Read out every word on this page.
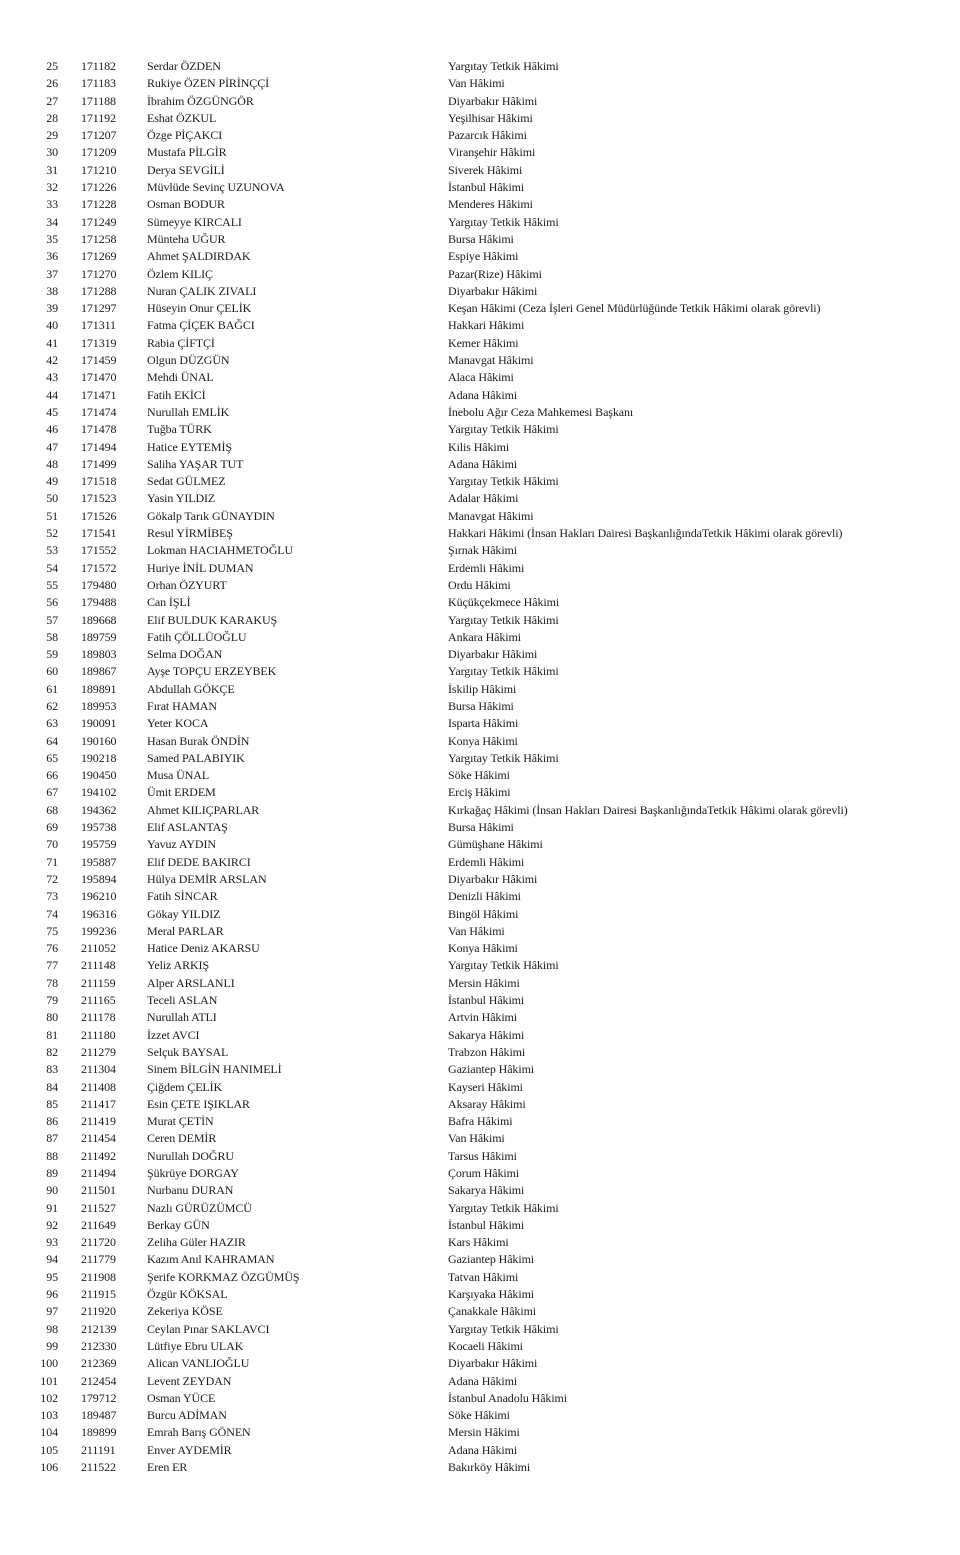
25 171182	Serdar ÖZDEN	Yargıtay Tetkik Hâkimi
26 171183	Rukiye ÖZEN PİRİNÇÇİ	Van Hâkimi
27 171188	İbrahim ÖZGÜNGÖR	Diyarbakır Hâkimi
28 171192	Eshat ÖZKUL	Yeşilhisar Hâkimi
29 171207	Özge PİÇAKCI	Pazarcık Hâkimi
30 171209	Mustafa PİLGİR	Viranşehir Hâkimi
31 171210	Derya SEVGİLİ	Siverek Hâkimi
32 171226	Müvlüde Sevinç UZUNOVA	İstanbul Hâkimi
33 171228	Osman BODUR	Menderes Hâkimi
34 171249	Sümeyye KIRCALI	Yargıtay Tetkik Hâkimi
35 171258	Münteha UĞUR	Bursa Hâkimi
36 171269	Ahmet ŞALDIRDAK	Espiye Hâkimi
37 171270	Özlem KILIÇ	Pazar(Rize) Hâkimi
38 171288	Nuran ÇALIK ZIVALI	Diyarbakır Hâkimi
39 171297	Hüseyin Onur ÇELİK	Keşan Hâkimi (Ceza İşleri Genel Müdürlüğünde Tetkik Hâkimi olarak görevli)
40 171311	Fatma ÇİÇEK BAĞCI	Hakkari Hâkimi
41 171319	Rabia ÇİFTÇİ	Kemer Hâkimi
42 171459	Olgun DÜZGÜN	Manavgat Hâkimi
43 171470	Mehdi ÜNAL	Alaca Hâkimi
44 171471	Fatih EKİCİ	Adana Hâkimi
45 171474	Nurullah EMLİK	İnebolu Ağır Ceza Mahkemesi Başkanı
46 171478	Tuğba TÜRK	Yargıtay Tetkik Hâkimi
47 171494	Hatice EYTEMİŞ	Kilis Hâkimi
48 171499	Saliha YAŞAR TUT	Adana Hâkimi
49 171518	Sedat GÜLMEZ	Yargıtay Tetkik Hâkimi
50 171523	Yasin YILDIZ	Adalar Hâkimi
51 171526	Gökalp Tarık GÜNAYDIN	Manavgat Hâkimi
52 171541	Resul YİRMİBEŞ	Hakkari Hâkimi (İnsan Hakları Dairesi BaşkanlığındaTetkik Hâkimi olarak görevli)
53 171552	Lokman HACIAHMETOĞLU	Şırnak Hâkimi
54 171572	Huriye İNİL DUMAN	Erdemli Hâkimi
55 179480	Orhan ÖZYURT	Ordu Hâkimi
56 179488	Can İŞLİ	Küçükçekmece Hâkimi
57 189668	Elif BULDUK KARAKUŞ	Yargıtay Tetkik Hâkimi
58 189759	Fatih ÇÖLLÜOĞLU	Ankara Hâkimi
59 189803	Selma DOĞAN	Diyarbakır Hâkimi
60 189867	Ayşe TOPÇU ERZEYBEK	Yargıtay Tetkik Hâkimi
61 189891	Abdullah GÖKÇE	İskilip Hâkimi
62 189953	Fırat HAMAN	Bursa Hâkimi
63 190091	Yeter KOCA	Isparta Hâkimi
64 190160	Hasan Burak ÖNDİN	Konya Hâkimi
65 190218	Samed PALABIYIK	Yargıtay Tetkik Hâkimi
66 190450	Musa ÜNAL	Söke Hâkimi
67 194102	Ümit ERDEM	Erciş Hâkimi
68 194362	Ahmet KILIÇPARLAR	Kırkağaç Hâkimi (İnsan Hakları Dairesi BaşkanlığındaTetkik Hâkimi olarak görevli)
69 195738	Elif ASLANTAŞ	Bursa Hâkimi
70 195759	Yavuz AYDIN	Gümüşhane Hâkimi
71 195887	Elif DEDE BAKIRCI	Erdemli Hâkimi
72 195894	Hülya DEMİR ARSLAN	Diyarbakır Hâkimi
73 196210	Fatih SİNCAR	Denizli Hâkimi
74 196316	Gökay YILDIZ	Bingöl Hâkimi
75 199236	Meral PARLAR	Van Hâkimi
76 211052	Hatice Deniz AKARSU	Konya Hâkimi
77 211148	Yeliz ARKIŞ	Yargıtay Tetkik Hâkimi
78 211159	Alper ARSLANLI	Mersin Hâkimi
79 211165	Teceli ASLAN	İstanbul Hâkimi
80 211178	Nurullah ATLI	Artvin Hâkimi
81 211180	İzzet AVCI	Sakarya Hâkimi
82 211279	Selçuk BAYSAL	Trabzon Hâkimi
83 211304	Sinem BİLGİN HANIMELİ	Gaziantep Hâkimi
84 211408	Çiğdem ÇELİK	Kayseri Hâkimi
85 211417	Esin ÇETE IŞIKLAR	Aksaray Hâkimi
86 211419	Murat ÇETİN	Bafra Hâkimi
87 211454	Ceren DEMİR	Van Hâkimi
88 211492	Nurullah DOĞRU	Tarsus Hâkimi
89 211494	Şükrüye DORGAY	Çorum Hâkimi
90 211501	Nurbanu DURAN	Sakarya Hâkimi
91 211527	Nazlı GÜRÜZÜMCÜ	Yargıtay Tetkik Hâkimi
92 211649	Berkay GÜN	İstanbul Hâkimi
93 211720	Zeliha Güler HAZIR	Kars Hâkimi
94 211779	Kazım Anıl KAHRAMAN	Gaziantep Hâkimi
95 211908	Şerife KORKMAZ ÖZGÜMÜŞ	Tatvan Hâkimi
96 211915	Özgür KÖKSAL	Karşıyaka Hâkimi
97 211920	Zekeriya KÖSE	Çanakkale Hâkimi
98 212139	Ceylan Pınar SAKLAVCI	Yargıtay Tetkik Hâkimi
99 212330	Lütfiye Ebru ULAK	Kocaeli Hâkimi
100 212369	Alican VANLIOĞLU	Diyarbakır Hâkimi
101 212454	Levent ZEYDAN	Adana Hâkimi
102 179712	Osman YÜCE	İstanbul Anadolu Hâkimi
103 189487	Burcu ADİMAN	Söke Hâkimi
104 189899	Emrah Barış GÖNEN	Mersin Hâkimi
105 211191	Enver AYDEMİR	Adana Hâkimi
106 211522	Eren ER	Bakırköy Hâkimi
